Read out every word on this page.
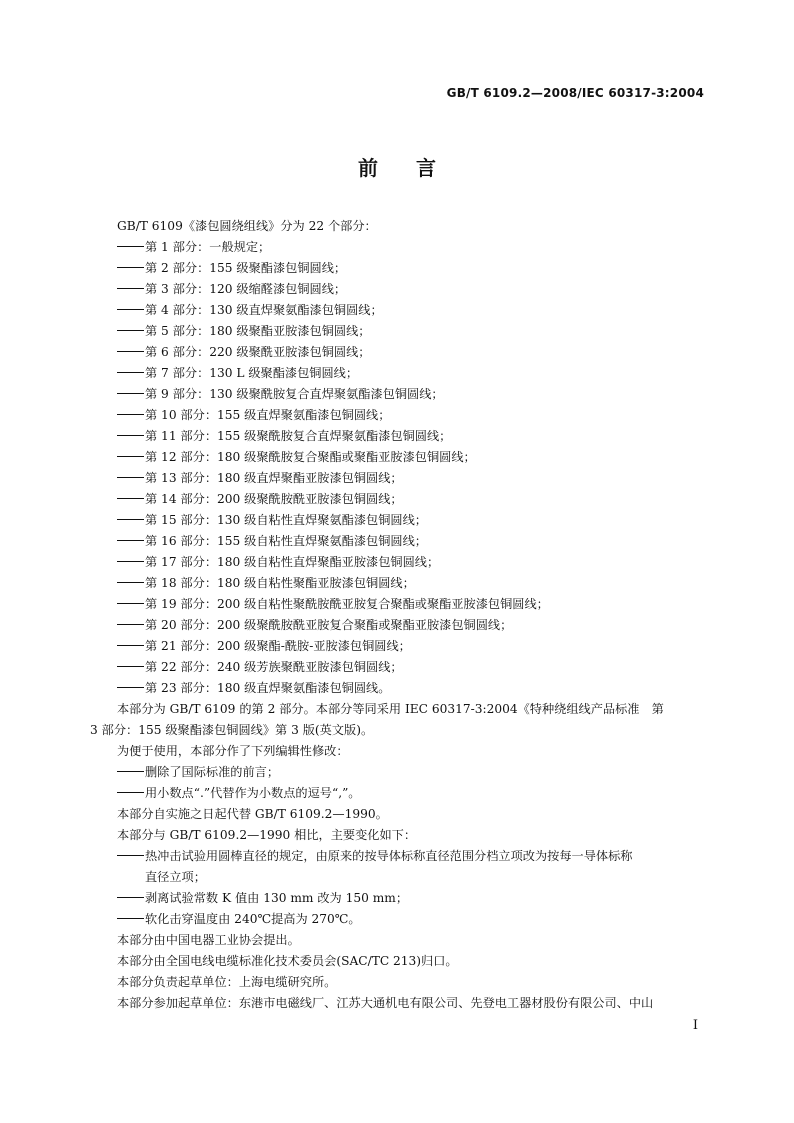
GB/T 6109.2—2008/IEC 60317-3:2004
前言
GB/T 6109《漆包圆绕组线》分为 22 个部分：
第 1 部分：一般规定；
第 2 部分：155 级聚酯漆包铜圆线；
第 3 部分：120 级缩醛漆包铜圆线；
第 4 部分：130 级直焊聚氨酯漆包铜圆线；
第 5 部分：180 级聚酯亚胺漆包铜圆线；
第 6 部分：220 级聚酰亚胺漆包铜圆线；
第 7 部分：130 L 级聚酯漆包铜圆线；
第 9 部分：130 级聚酰胺复合直焊聚氨酯漆包铜圆线；
第 10 部分：155 级直焊聚氨酯漆包铜圆线；
第 11 部分：155 级聚酰胺复合直焊聚氨酯漆包铜圆线；
第 12 部分：180 级聚酰胺复合聚酯或聚酯亚胺漆包铜圆线；
第 13 部分：180 级直焊聚酯亚胺漆包铜圆线；
第 14 部分：200 级聚酰胺酰亚胺漆包铜圆线；
第 15 部分：130 级自粘性直焊聚氨酯漆包铜圆线；
第 16 部分：155 级自粘性直焊聚氨酯漆包铜圆线；
第 17 部分：180 级自粘性直焊聚酯亚胺漆包铜圆线；
第 18 部分：180 级自粘性聚酯亚胺漆包铜圆线；
第 19 部分：200 级自粘性聚酰胺酰亚胺复合聚酯或聚酯亚胺漆包铜圆线；
第 20 部分：200 级聚酰胺酰亚胺复合聚酯或聚酯亚胺漆包铜圆线；
第 21 部分：200 级聚酯-酰胺-亚胺漆包铜圆线；
第 22 部分：240 级芳族聚酰亚胺漆包铜圆线；
第 23 部分：180 级直焊聚氨酯漆包铜圆线。
本部分为 GB/T 6109 的第 2 部分。本部分等同采用 IEC 60317-3:2004《特种绕组线产品标准　第
3 部分：155 级聚酯漆包铜圆线》第 3 版(英文版)。
为便于使用，本部分作了下列编辑性修改：
删除了国际标准的前言；
用小数点“.”代替作为小数点的逗号“,”。
本部分自实施之日起代替 GB/T 6109.2—1990。
本部分与 GB/T 6109.2—1990 相比，主要变化如下：
热冲击试验用圆棒直径的规定，由原来的按导体标称直径范围分档立项改为按每一导体标称
直径立项；
剥离试验常数 K 值由 130 mm 改为 150 mm；
软化击穿温度由 240℃提高为 270℃。
本部分由中国电器工业协会提出。
本部分由全国电线电缆标准化技术委员会(SAC/TC 213)归口。
本部分负责起草单位：上海电缆研究所。
本部分参加起草单位：东港市电磁线厂、江苏大通机电有限公司、先登电工器材股份有限公司、中山
I
